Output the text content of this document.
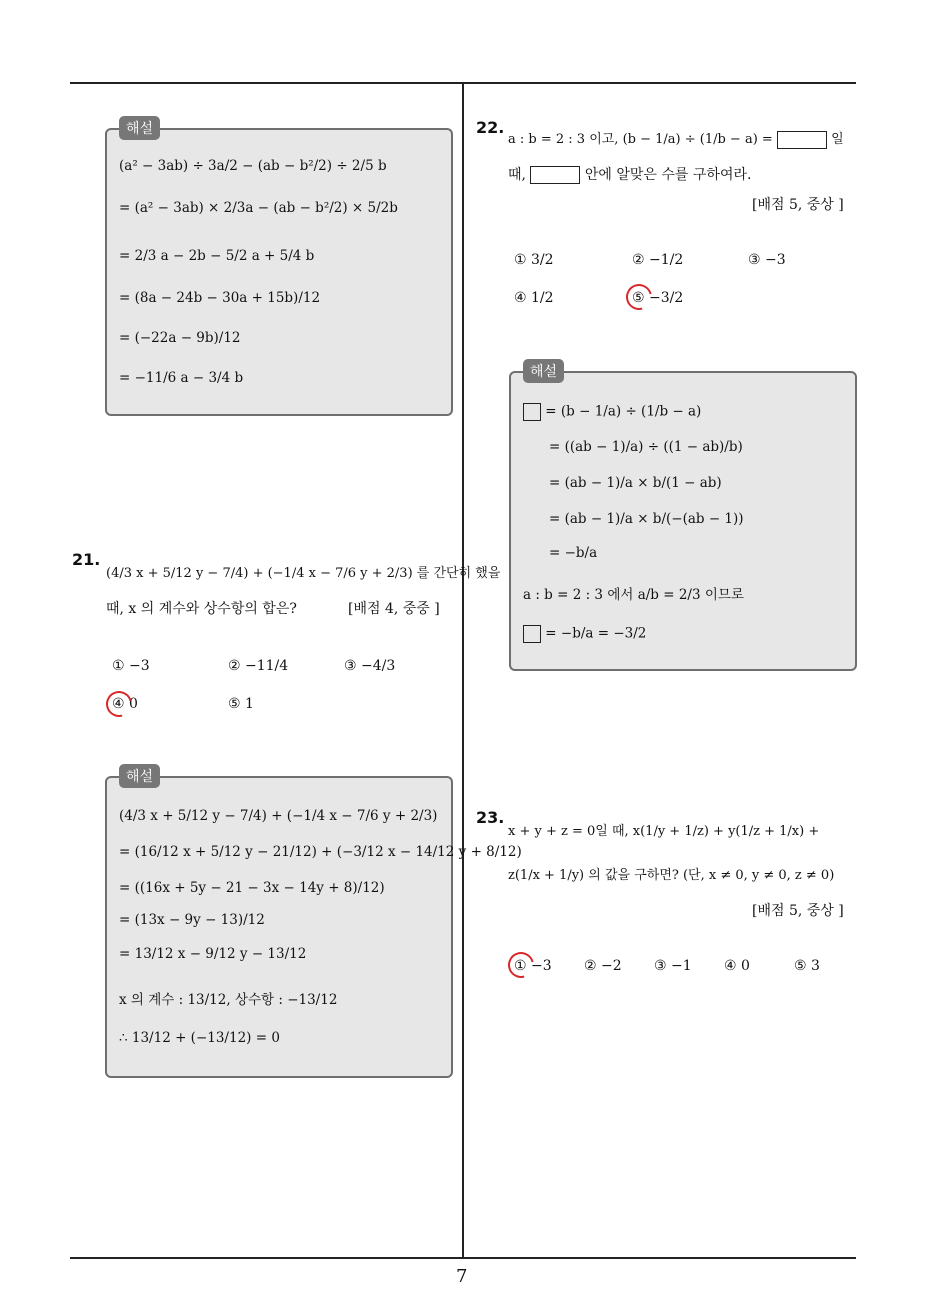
(a² − 3ab) ÷ 3a/2 − (ab − b²/2) ÷ 2/5 b
= (a² − 3ab) × 2/3a − (ab − b²/2) × 5/2b
= 2/3 a − 2b − 5/2 a + 5/4 b
= (8a − 24b − 30a + 15b)/12
= (−22a − 9b)/12
= −11/6 a − 3/4 b
해설
21.
(4/3 x + 5/12 y − 7/4) + (−1/4 x − 7/6 y + 2/3) 를 간단히 했을
때, x 의 계수와 상수항의 합은?	[배점 4, 중중 ]
① −3	② −11/4	③ −4/3
④ 0	⑤ 1
(4/3 x + 5/12 y − 7/4) + (−1/4 x − 7/6 y + 2/3)
= (16/12 x + 5/12 y − 21/12) + (−3/12 x − 14/12 y + 8/12)
= ((16x + 5y − 21 − 3x − 14y + 8)/12)
= (13x − 9y − 13)/12
= 13/12 x − 9/12 y − 13/12
x 의 계수 : 13/12, 상수항 : −13/12
∴ 13/12 + (−13/12) = 0
해설
22.
a : b = 2 : 3 이고, (b − 1/a) ÷ (1/b − a) =	일
때,	안에 알맞은 수를 구하여라.
[배점 5, 중상 ]
① 3/2	② −1/2	③ −3
④ 1/2	⑤ −3/2
= (b − 1/a) ÷ (1/b − a)
= ((ab − 1)/a) ÷ ((1 − ab)/b)
= (ab − 1)/a × b/(1 − ab)
= (ab − 1)/a × b/(−(ab − 1))
= −b/a
a : b = 2 : 3 에서 a/b = 2/3 이므로
= −b/a = −3/2
해설
23.
x + y + z = 0일 때, x(1/y + 1/z) + y(1/z + 1/x) +
z(1/x + 1/y) 의 값을 구하면? (단, x ≠ 0, y ≠ 0, z ≠ 0)
[배점 5, 중상 ]
① −3 ② −2 ③ −1 ④ 0	⑤ 3
7
